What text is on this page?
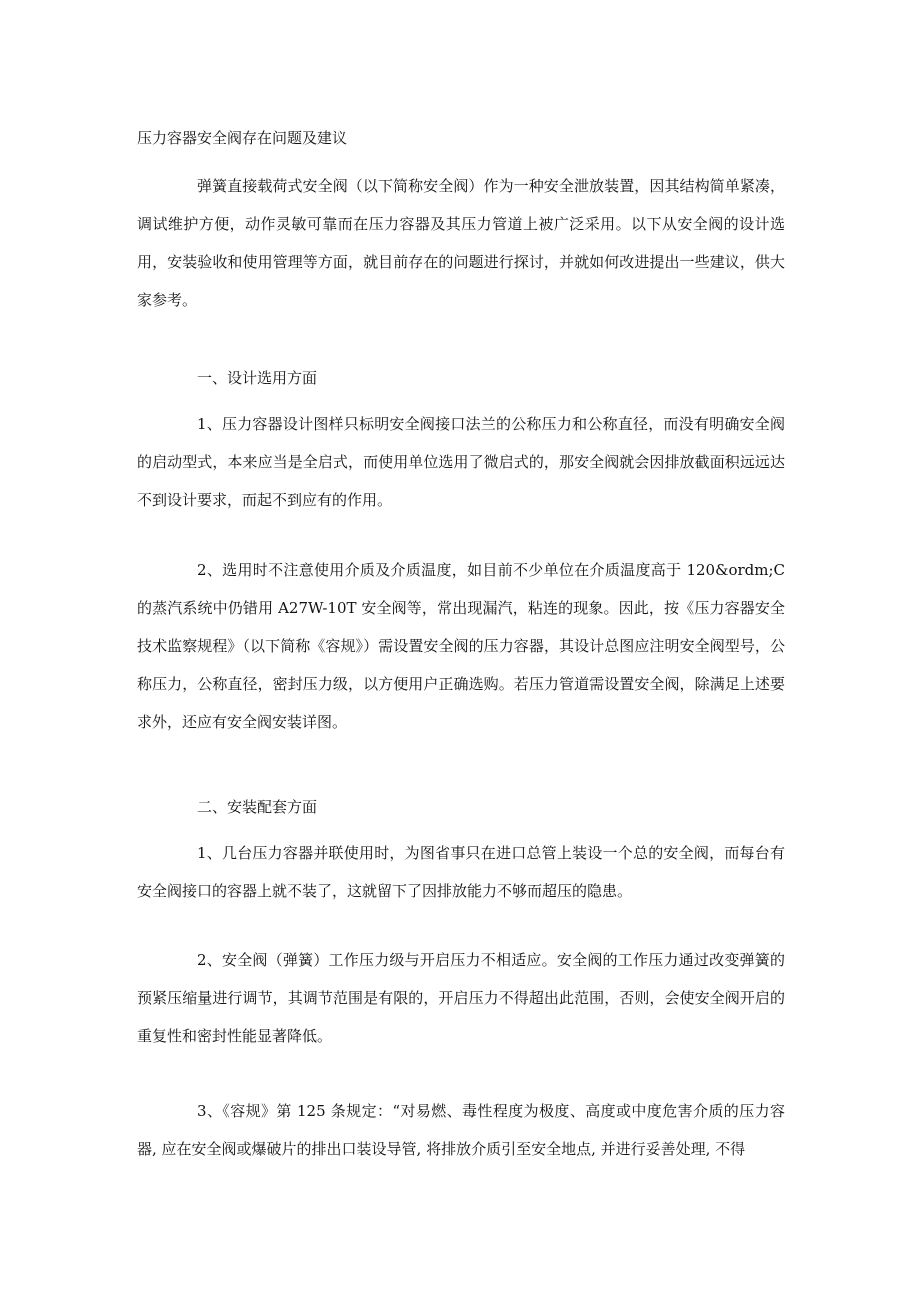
压力容器安全阀存在问题及建议

弹簧直接载荷式安全阀（以下简称安全阀）作为一种安全泄放装置，因其结构简单紧凑，调试维护方便，动作灵敏可靠而在压力容器及其压力管道上被广泛采用。以下从安全阀的设计选用，安装验收和使用管理等方面，就目前存在的问题进行探讨，并就如何改进提出一些建议，供大家参考。

一、设计选用方面

1、压力容器设计图样只标明安全阀接口法兰的公称压力和公称直径，而没有明确安全阀的启动型式，本来应当是全启式，而使用单位选用了微启式的，那安全阀就会因排放截面积远远达不到设计要求，而起不到应有的作用。

2、选用时不注意使用介质及介质温度，如目前不少单位在介质温度高于 120&ordm;C 的蒸汽系统中仍错用 A27W-10T 安全阀等，常出现漏汽，粘连的现象。因此，按《压力容器安全技术监察规程》（以下简称《容规》）需设置安全阀的压力容器，其设计总图应注明安全阀型号，公称压力，公称直径，密封压力级，以方便用户正确选购。若压力管道需设置安全阀，除满足上述要求外，还应有安全阀安装详图。

二、安装配套方面

1、几台压力容器并联使用时，为图省事只在进口总管上装设一个总的安全阀，而每台有安全阀接口的容器上就不装了，这就留下了因排放能力不够而超压的隐患。

2、安全阀（弹簧）工作压力级与开启压力不相适应。安全阀的工作压力通过改变弹簧的预紧压缩量进行调节，其调节范围是有限的，开启压力不得超出此范围，否则，会使安全阀开启的重复性和密封性能显著降低。

3、《容规》第 125 条规定：“对易燃、毒性程度为极度、高度或中度危害介质的压力容器, 应在安全阀或爆破片的排出口装设导管, 将排放介质引至安全地点, 并进行妥善处理, 不得
